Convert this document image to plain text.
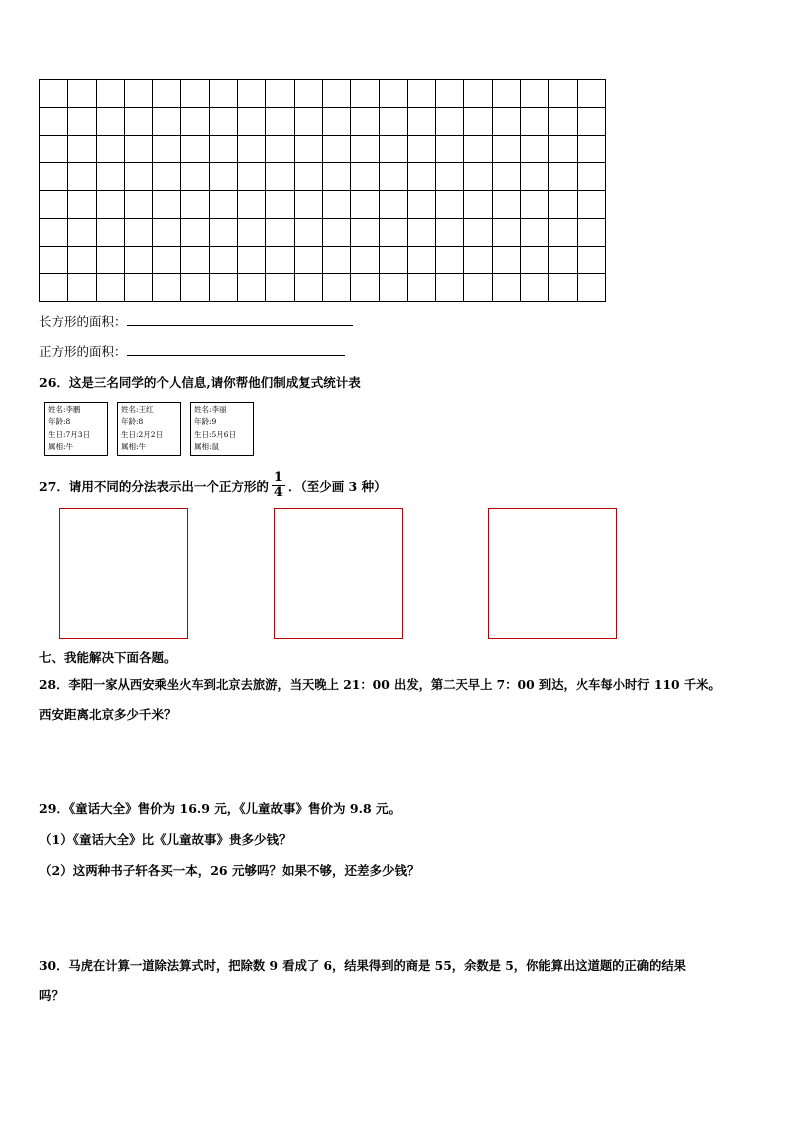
长方形的面积：
正方形的面积：
26．这是三名同学的个人信息,请你帮他们制成复式统计表
姓名:李鹏
年龄:8
生日:7月3日
属相:牛
姓名:王红
年龄:8
生日:2月2日
属相:牛
姓名:李丽
年龄:9
生日:5月6日
属相:鼠
27．请用不同的分法表示出一个正方形的 $\frac{1}{4}$ ．（至少画 3 种）
七、我能解决下面各题。
28．李阳一家从西安乘坐火车到北京去旅游，当天晚上 21：00 出发，第二天早上 7：00 到达，火车每小时行 110 千米。
西安距离北京多少千米？
29．《童话大全》售价为 16.9 元，《儿童故事》售价为 9.8 元。
（1）《童话大全》比《儿童故事》贵多少钱？
（2）这两种书子轩各买一本，26 元够吗？如果不够，还差多少钱？
30．马虎在计算一道除法算式时，把除数 9 看成了 6，结果得到的商是 55，余数是 5，你能算出这道题的正确的结果
吗？
